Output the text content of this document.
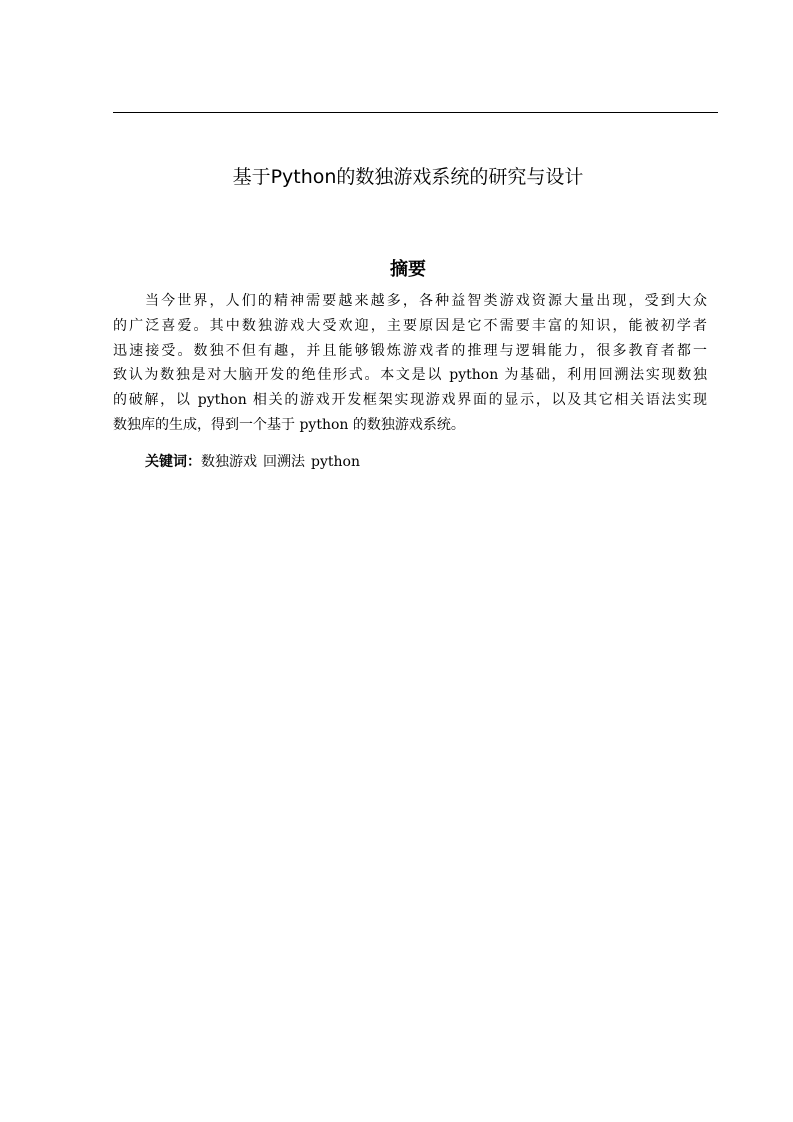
基于Python的数独游戏系统的研究与设计
摘要
当今世界，人们的精神需要越来越多，各种益智类游戏资源大量出现，受到大众
的广泛喜爱。其中数独游戏大受欢迎，主要原因是它不需要丰富的知识，能被初学者
迅速接受。数独不但有趣，并且能够锻炼游戏者的推理与逻辑能力，很多教育者都一
致认为数独是对大脑开发的绝佳形式。本文是以 python 为基础，利用回溯法实现数独
的破解，以 python 相关的游戏开发框架实现游戏界面的显示，以及其它相关语法实现
数独库的生成，得到一个基于 python 的数独游戏系统。
关键词：数独游戏 回溯法 python
